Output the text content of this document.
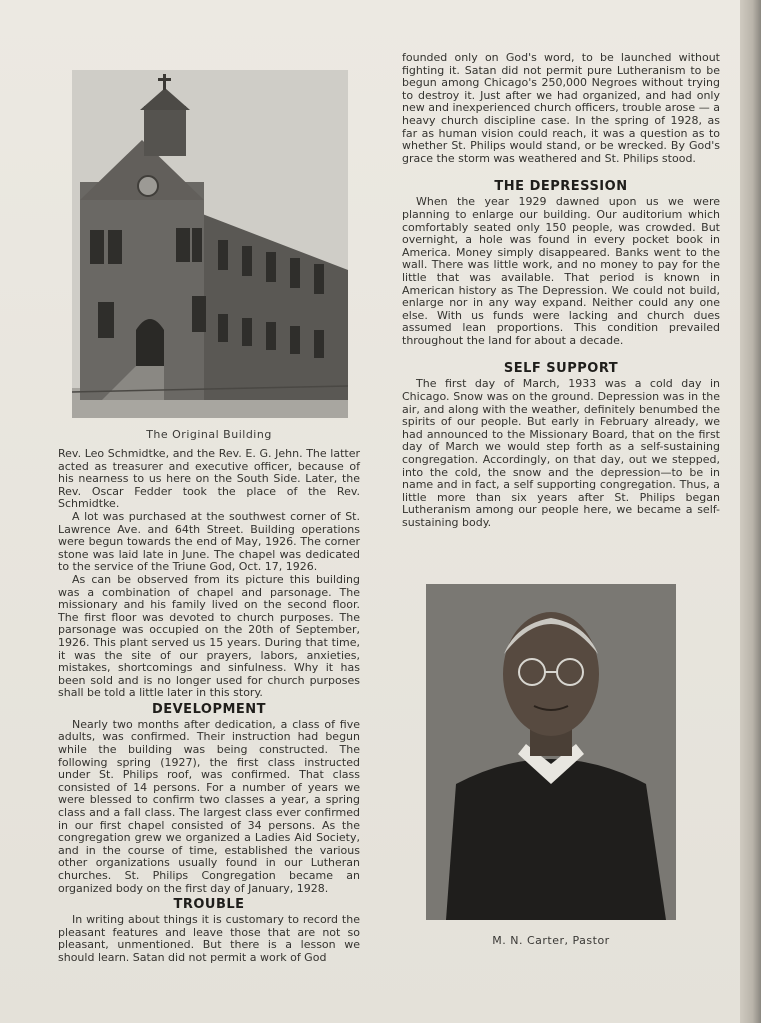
The Original Building

Rev. Leo Schmidtke, and the Rev. E. G. Jehn. The latter acted as treasurer and executive officer, because of his nearness to us here on the South Side. Later, the Rev. Oscar Fedder took the place of the Rev. Schmidtke.

A lot was purchased at the southwest corner of St. Lawrence Ave. and 64th Street. Building operations were begun towards the end of May, 1926. The corner stone was laid late in June. The chapel was dedicated to the service of the Triune God, Oct. 17, 1926.

As can be observed from its picture this building was a combination of chapel and parsonage. The missionary and his family lived on the second floor. The first floor was devoted to church purposes. The parsonage was occupied on the 20th of September, 1926. This plant served us 15 years. During that time, it was the site of our prayers, labors, anxieties, mistakes, shortcomings and sinfulness. Why it has been sold and is no longer used for church purposes shall be told a little later in this story.

DEVELOPMENT

Nearly two months after dedication, a class of five adults, was confirmed. Their instruction had begun while the building was being constructed. The following spring (1927), the first class instructed under St. Philips roof, was confirmed. That class consisted of 14 persons. For a number of years we were blessed to confirm two classes a year, a spring class and a fall class. The largest class ever confirmed in our first chapel consisted of 34 persons. As the congregation grew we organized a Ladies Aid Society, and in the course of time, established the various other organizations usually found in our Lutheran churches. St. Philips Congregation became an organized body on the first day of January, 1928.

TROUBLE

In writing about things it is customary to record the pleasant features and leave those that are not so pleasant, unmentioned. But there is a lesson we should learn. Satan did not permit a work of God

founded only on God's word, to be launched without fighting it. Satan did not permit pure Lutheranism to be begun among Chicago's 250,000 Negroes without trying to destroy it. Just after we had organized, and had only new and inexperienced church officers, trouble arose — a heavy church discipline case. In the spring of 1928, as far as human vision could reach, it was a question as to whether St. Philips would stand, or be wrecked. By God's grace the storm was weathered and St. Philips stood.

THE DEPRESSION

When the year 1929 dawned upon us we were planning to enlarge our building. Our auditorium which comfortably seated only 150 people, was crowded. But overnight, a hole was found in every pocket book in America. Money simply disappeared. Banks went to the wall. There was little work, and no money to pay for the little that was available. That period is known in American history as The Depression. We could not build, enlarge nor in any way expand. Neither could any one else. With us funds were lacking and church dues assumed lean proportions. This condition prevailed throughout the land for about a decade.

SELF SUPPORT

The first day of March, 1933 was a cold day in Chicago. Snow was on the ground. Depression was in the air, and along with the weather, definitely benumbed the spirits of our people. But early in February already, we had announced to the Missionary Board, that on the first day of March we would step forth as a self-sustaining congregation. Accordingly, on that day, out we stepped, into the cold, the snow and the depression—to be in name and in fact, a self supporting congregation. Thus, a little more than six years after St. Philips began Lutheranism among our people here, we became a self-sustaining body.

M. N. Carter, Pastor
